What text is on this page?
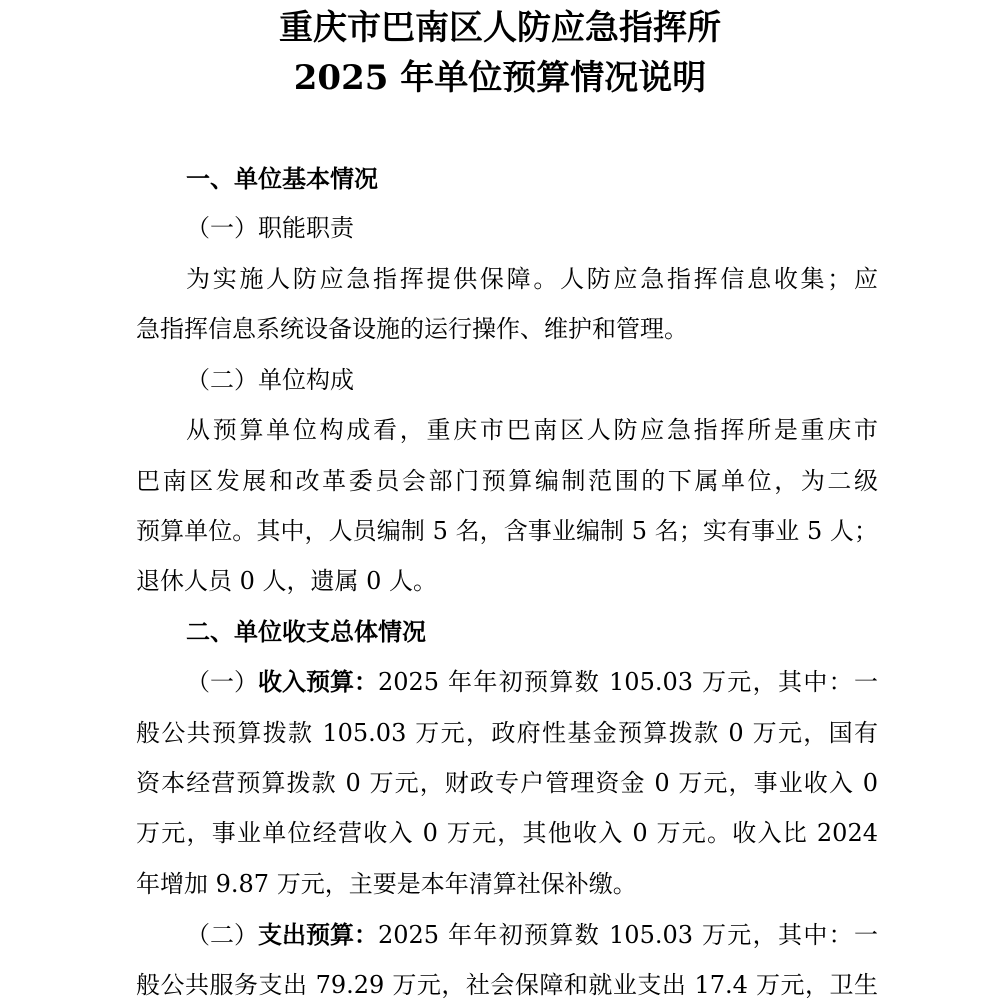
重庆市巴南区人防应急指挥所
2025 年单位预算情况说明
一、单位基本情况
（一）职能职责
为实施人防应急指挥提供保障。人防应急指挥信息收集；应
急指挥信息系统设备设施的运行操作、维护和管理。
（二）单位构成
从预算单位构成看，重庆市巴南区人防应急指挥所是重庆市
巴南区发展和改革委员会部门预算编制范围的下属单位，为二级
预算单位。其中，人员编制 5 名，含事业编制 5 名；实有事业 5 人；
退休人员 0 人，遗属 0 人。
二、单位收支总体情况
（一） 收入预算： 2025 年年初预算数 105.03 万元，其中：一
般公共预算拨款 105.03 万元，政府性基金预算拨款 0 万元，国有
资本经营预算拨款 0 万元，财政专户管理资金 0 万元，事业收入 0
万元，事业单位经营收入 0 万元，其他收入 0 万元。收入比 2024
年增加 9.87 万元，主要是本年清算社保补缴。
（二） 支出预算： 2025 年年初预算数 105.03 万元，其中：一
般公共服务支出 79.29 万元，社会保障和就业支出 17.4 万元，卫生
